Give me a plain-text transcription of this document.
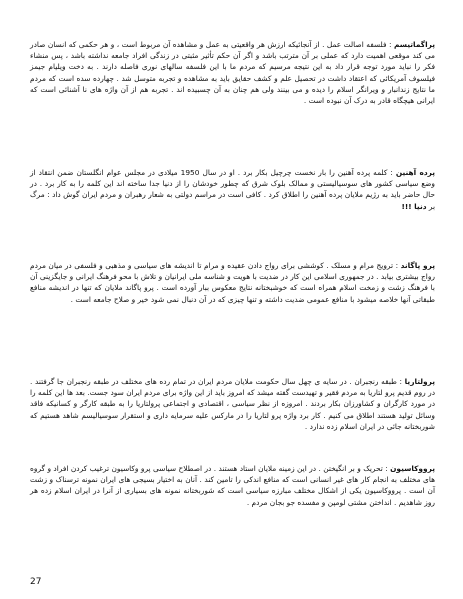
پراگماتیسم : فلسفه اصالت عمل . از آنجائیکه ارزش هر واقعیتی به عمل و مشاهده آن مربوط است ، و هر حکمی که انسان صادر می کند موقعی اهمیت دارد که عملی بر آن مترتب باشد و اگر آن حکم تأثیر مثبتی در زندگی افراد جامعه نداشته باشد ، پس منشاء فکر را نباید مورد توجه قرار داد به این نتیجه مرسیم که مردم ما با این فلسفه سالهای نوری فاصله دارند . به دخت ویلیام جیمز فیلسوف آمریکائی که اعتقاد داشت در تحصیل علم و کشف حقایق باید به مشاهده و تجربه متوسل شد . چهارده سده است که مردم ما نتایج زندانبار و ویرانگر اسلام را دیده و می بینند ولی هم چنان به آن چسبیده اند . تجربه هم از آن واژه های نا آشنائی است که ایرانی هیچگاه قادر به درک آن نبوده است .

پرده آهنین : کلمه پرده آهنین را بار نخست چرچیل بکار برد . او در سال 1950 میلادی در مجلس عوام انگلستان ضمن انتقاد از وضع سیاسی کشور های سوسیالیستی و ممالک بلوک شرق که چطور خودشان را از دنیا جدا ساخته اند این کلمه را به کار برد . در حال حاضر باید به رژیم ملایان پرده آهنین را اطلاق کرد . کافی است در مراسم دولتی به شعار رهبران و مردم ایران گوش داد : مرگ بر دنیا !!!

پرو پاگاند : ترویج مرام و مسلک . کوششی برای رواج دادن عقیده و مرام تا اندیشه های سیاسی و مذهبی و فلسفی در میان مردم رواج بیشتری بیابد . در جمهوری اسلامی این کار در ضدیت با هویت و شناسه ملی ایرانیان و تلاش با محو فرهنگ ایرانی و جایگزینی آن با فرهنگ زشت و زمخت اسلام همراه است که خوشبختانه نتایج معکوس ببار آورده است . پرو پاگاند ملایان که تنها در اندیشه منافع طبقاتی آنها خلاصه میشود با منافع عمومی ضدیت داشته و تنها چیزی که در آن دنبال نمی شود خیر و صلاح جامعه است .

پرولتاریا : طبقه رنجبران . در سایه ی چهل سال حکومت ملایان مردم ایران در تمام رده های مختلف در طبقه رنجبران جا گرفتند . در روم قدیم پرو لتاریا به مردم فقیر و تهیدست گفته میشد که امروز باید از این واژه برای مردم ایران سود جست. بعد ها این کلمه را در مورد کارگران و کشاورزان بکار بردند . امروزه از نظر سیاسی ، اقتصادی و اجتماعی پرولتاریا را به طبقه کارگر و کسانیکه فاقد وسائل تولید هستند اطلاق می کنیم . کار برد واژه پرو لتاریا را در مارکس علیه سرمایه داری و استقرار سوسیالیسم شاهد هستیم که شوربختانه جائی در ایران اسلام زده ندارد .

پرووکاسیون : تحریک و بر انگیختن . در این زمینه ملایان استاد هستند . در اصطلاح سیاسی پرو وکاسیون ترغیب کردن افراد و گروه های مختلف به انجام کار های غیر انسانی است که منافع اندکی را تامین کند . آنان به اختیار بسیجی های ایران نمونه ترسناک و زشت آن است . پرووکاسیون یکی از اشکال مختلف مبارزه سیاسی است که شوربختانه نمونه های بسیاری از آنرا در ایران اسلام زده هر روز شاهدیم . انداختن مشتی لومپن و مفسده جو بجان مردم .

27
